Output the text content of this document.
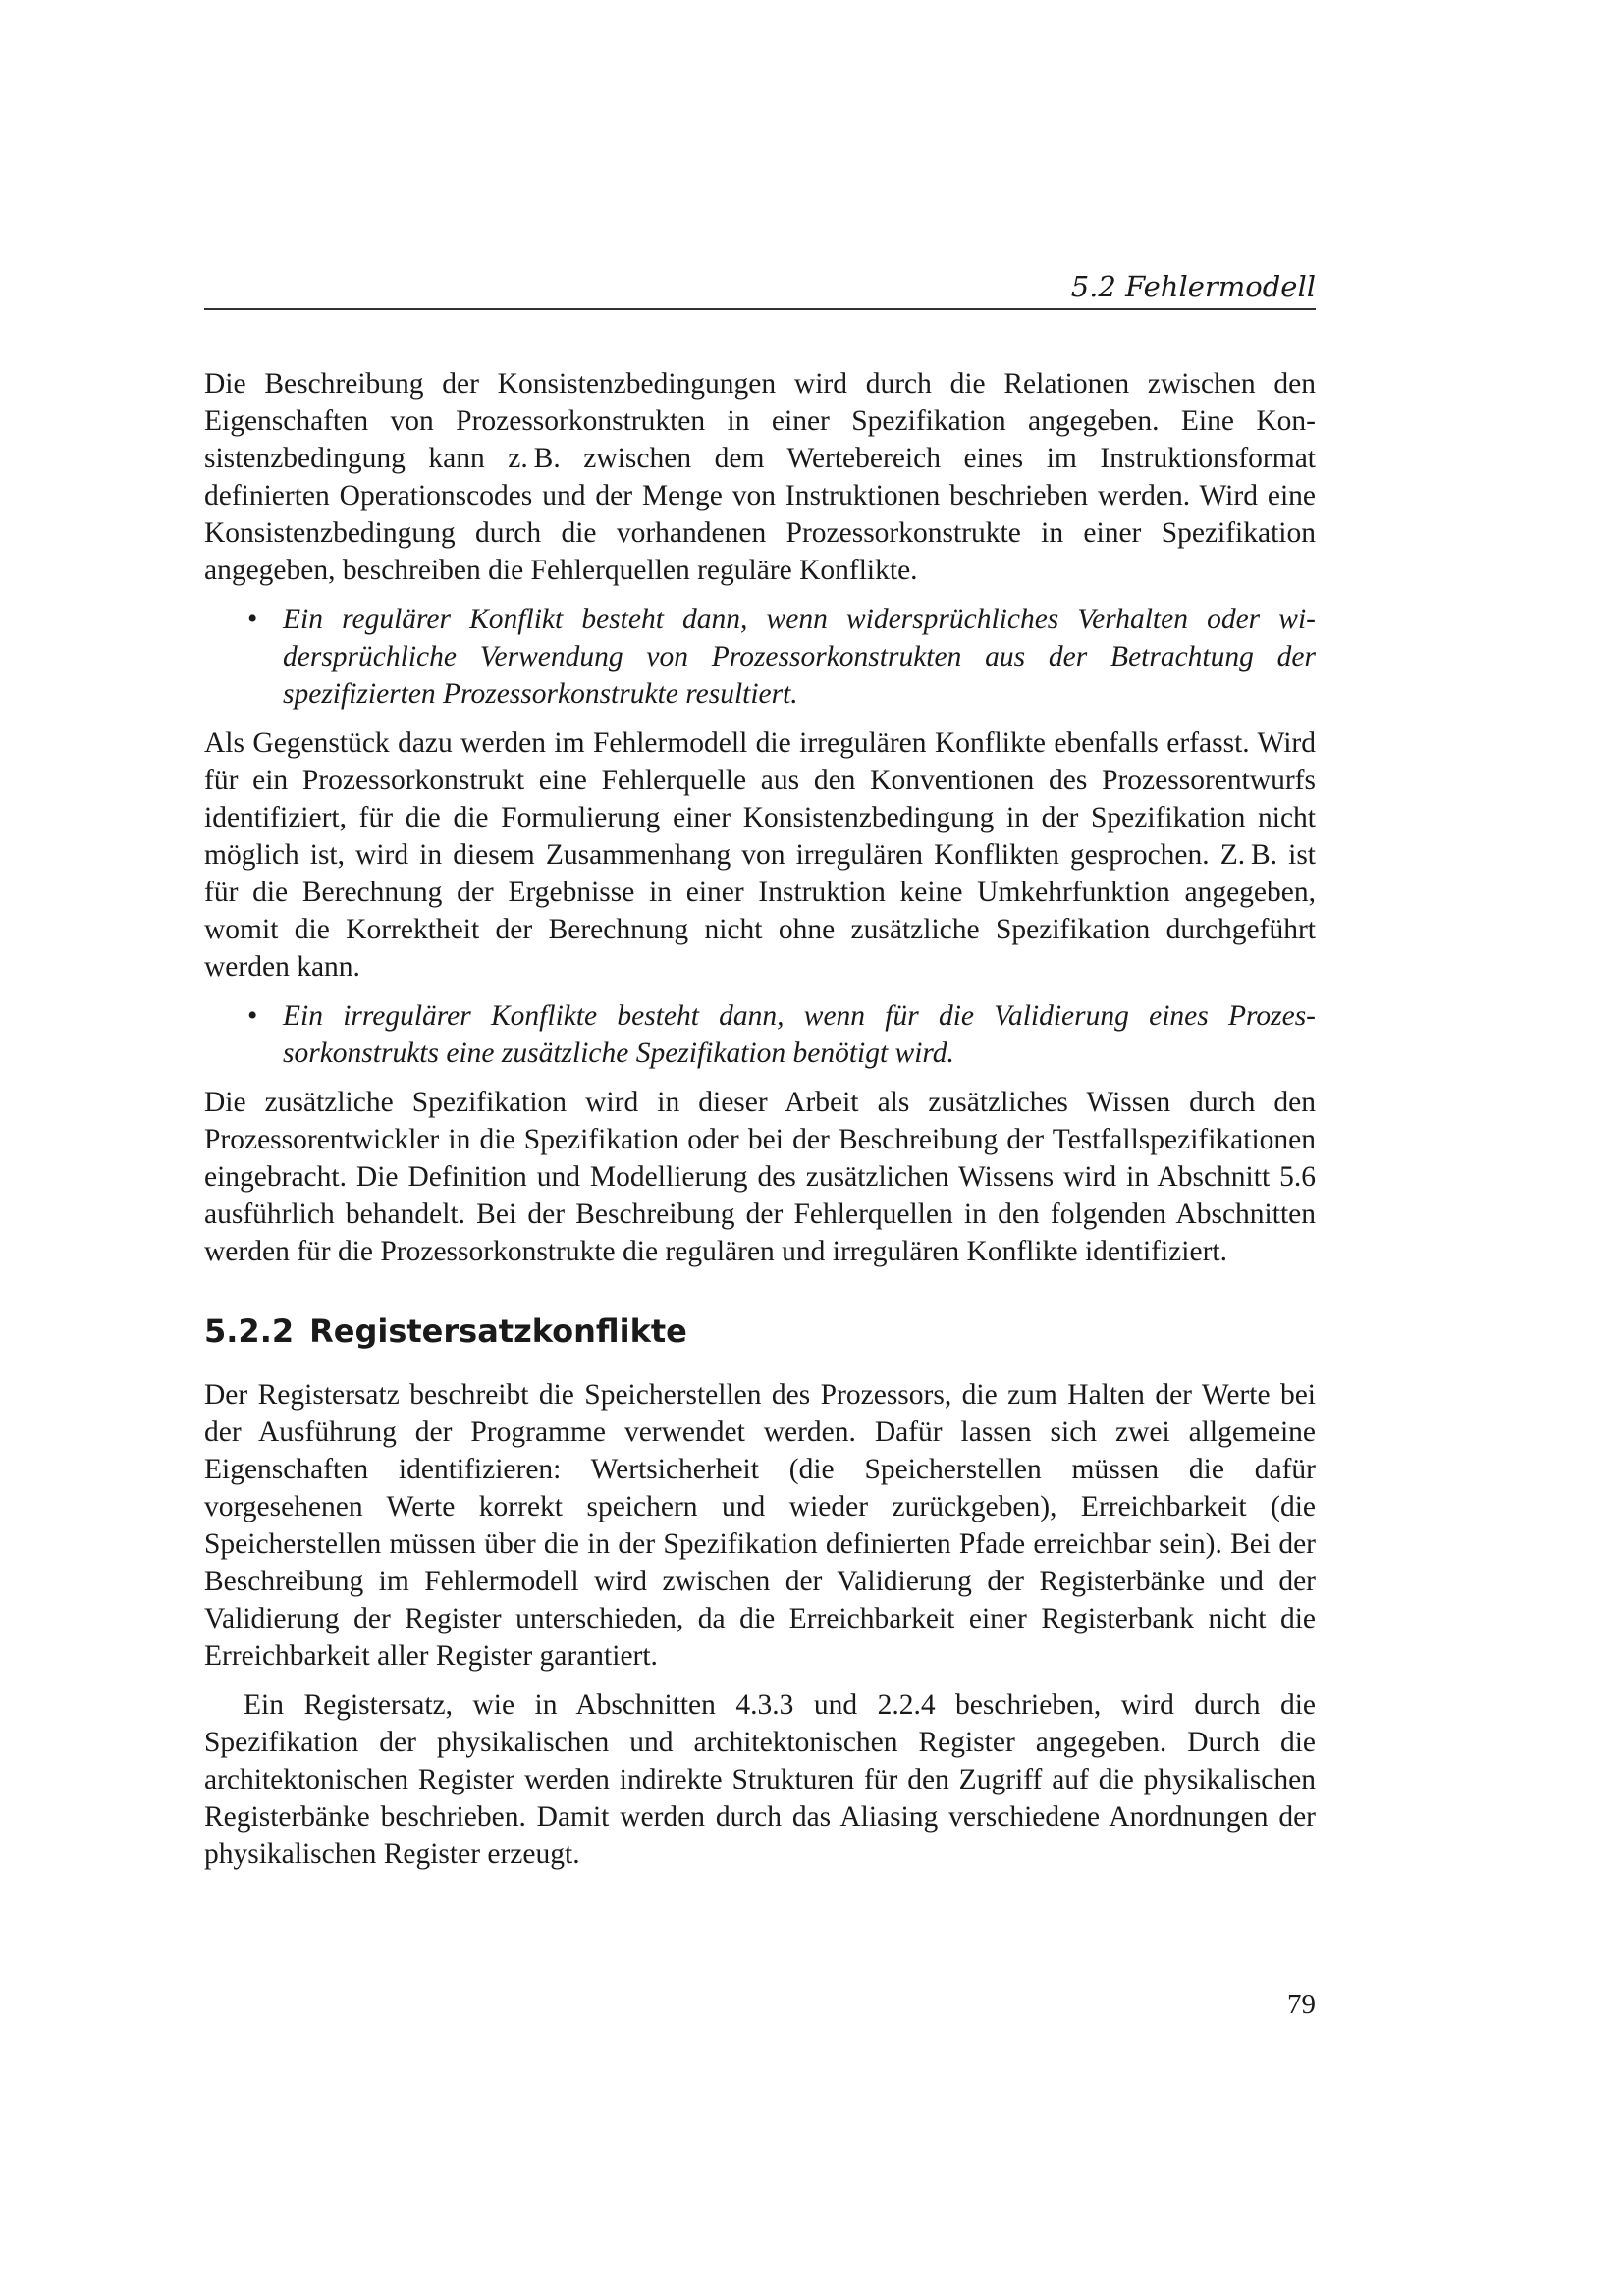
5.2 Fehlermodell

Die Beschreibung der Konsistenzbedingungen wird durch die Relationen zwischen den Eigenschaften von Prozessorkonstrukten in einer Spezifikation angegeben. Eine Konsistenzbedingung kann z. B. zwischen dem Wertebereich eines im Instruktionsformat definierten Operationscodes und der Menge von Instruktionen beschrieben werden. Wird eine Konsistenzbedingung durch die vorhandenen Prozessorkonstrukte in einer Spezifikation angegeben, beschreiben die Fehlerquellen reguläre Konflikte.

• Ein regulärer Konflikt besteht dann, wenn widersprüchliches Verhalten oder widersprüchliche Verwendung von Prozessorkonstrukten aus der Betrachtung der spezifizierten Prozessorkonstrukte resultiert.

Als Gegenstück dazu werden im Fehlermodell die irregulären Konflikte ebenfalls erfasst. Wird für ein Prozessorkonstrukt eine Fehlerquelle aus den Konventionen des Prozessorentwurfs identifiziert, für die die Formulierung einer Konsistenzbedingung in der Spezifikation nicht möglich ist, wird in diesem Zusammenhang von irregulären Konflikten gesprochen. Z. B. ist für die Berechnung der Ergebnisse in einer Instruktion keine Umkehrfunktion angegeben, womit die Korrektheit der Berechnung nicht ohne zusätzliche Spezifikation durchgeführt werden kann.

• Ein irregulärer Konflikte besteht dann, wenn für die Validierung eines Prozessorkonstrukts eine zusätzliche Spezifikation benötigt wird.

Die zusätzliche Spezifikation wird in dieser Arbeit als zusätzliches Wissen durch den Prozessorentwickler in die Spezifikation oder bei der Beschreibung der Testfallspezifikationen eingebracht. Die Definition und Modellierung des zusätzlichen Wissens wird in Abschnitt 5.6 ausführlich behandelt. Bei der Beschreibung der Fehlerquellen in den folgenden Abschnitten werden für die Prozessorkonstrukte die regulären und irregulären Konflikte identifiziert.

5.2.2 Registersatzkonflikte

Der Registersatz beschreibt die Speicherstellen des Prozessors, die zum Halten der Werte bei der Ausführung der Programme verwendet werden. Dafür lassen sich zwei allgemeine Eigenschaften identifizieren: Wertsicherheit (die Speicherstellen müssen die dafür vorgesehenen Werte korrekt speichern und wieder zurückgeben), Erreichbarkeit (die Speicherstellen müssen über die in der Spezifikation definierten Pfade erreichbar sein). Bei der Beschreibung im Fehlermodell wird zwischen der Validierung der Registerbänke und der Validierung der Register unterschieden, da die Erreichbarkeit einer Registerbank nicht die Erreichbarkeit aller Register garantiert.

Ein Registersatz, wie in Abschnitten 4.3.3 und 2.2.4 beschrieben, wird durch die Spezifikation der physikalischen und architektonischen Register angegeben. Durch die architektonischen Register werden indirekte Strukturen für den Zugriff auf die physikalischen Registerbänke beschrieben. Damit werden durch das Aliasing verschiedene Anordnungen der physikalischen Register erzeugt.

79
